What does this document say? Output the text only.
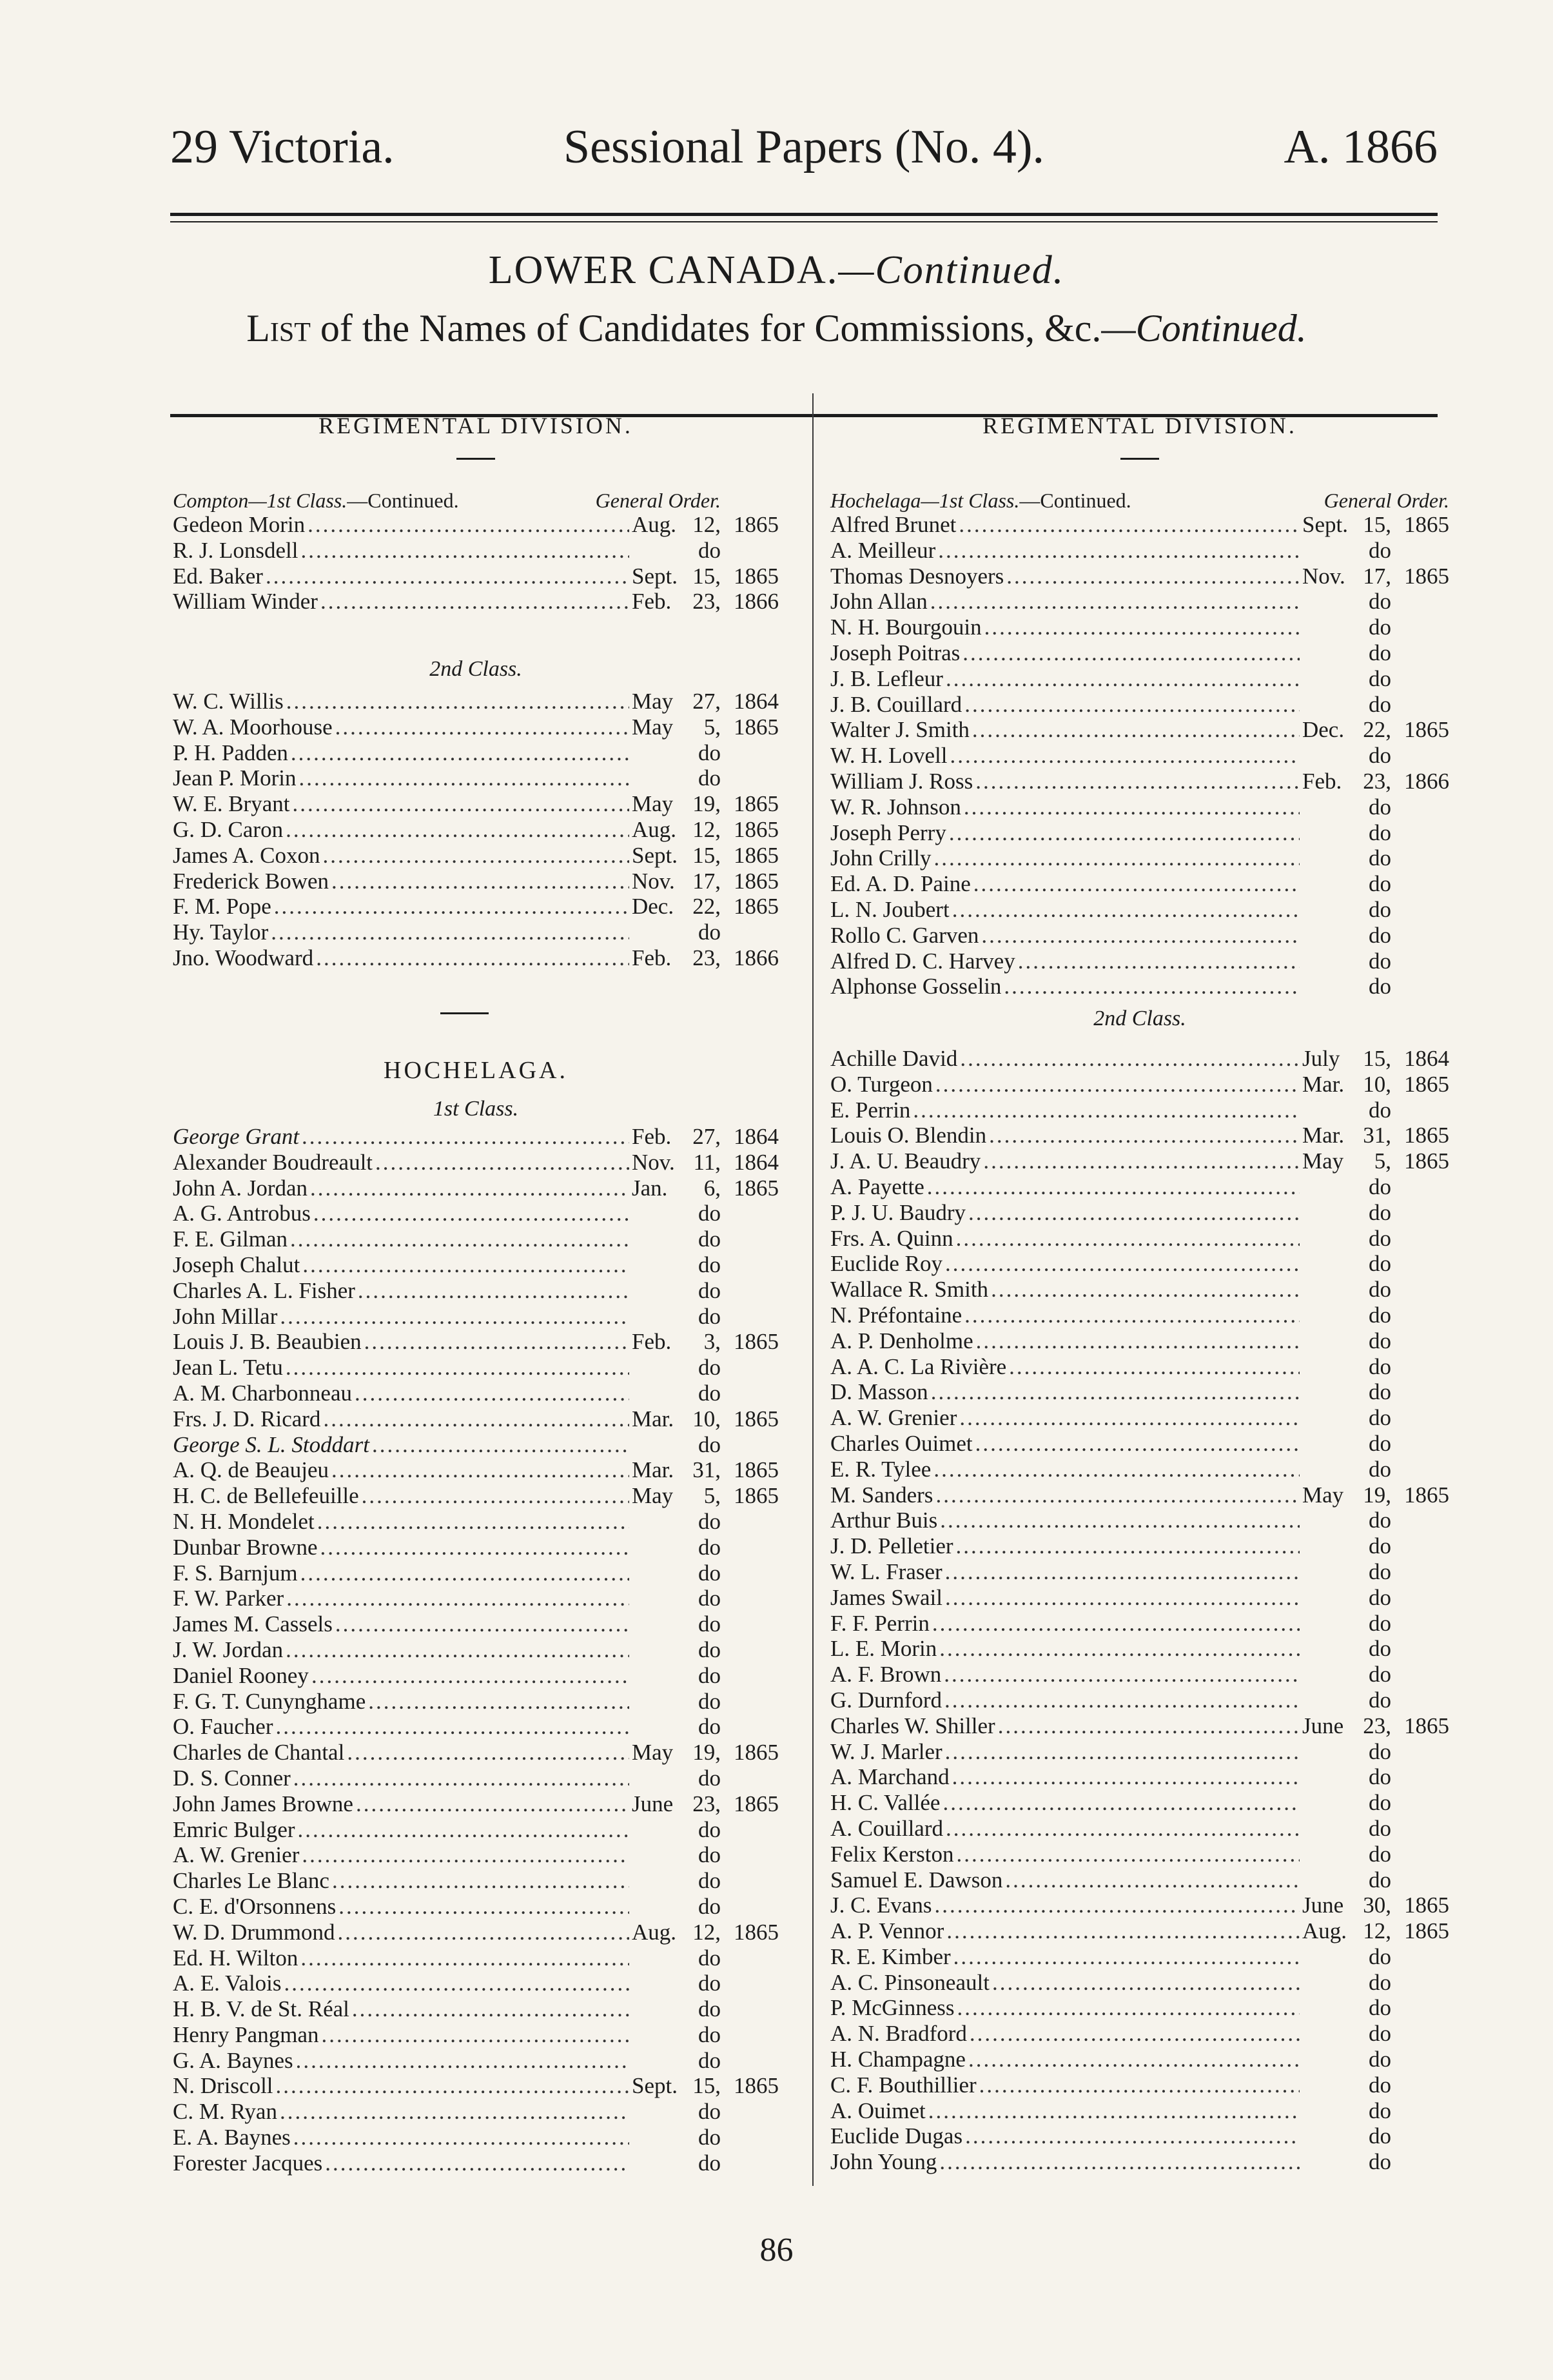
29 Victoria.	Sessional Papers (No. 4).	A. 1866
LOWER CANADA.—Continued.
List of the Names of Candidates for Commissions, &c.—Continued.
REGIMENTAL DIVISION.
Compton—1st Class.—Continued.	General Order.
Gedeon Morin .....	Aug. 12, 1865
R. J. Lonsdell .....	do
Ed. Baker .....	Sept. 15, 1865
William Winder .....	Feb. 23, 1866
2nd Class.
W. C. Willis .....	May 27, 1864
W. A. Moorhouse .....	May	5, 1865
P. H. Padden .....	do
Jean P. Morin .....	do
W. E. Bryant .....	May 19, 1865
G. D. Caron .....	Aug. 12, 1865
James A. Coxon .....	Sept. 15, 1865
Frederick Bowen .....	Nov. 17, 1865
F. M. Pope .....	Dec. 22, 1865
Hy. Taylor .....	do
Jno. Woodward .....	Feb. 23, 1866
HOCHELAGA.
1st Class.
George Grant .....	Feb. 27, 1864
Alexander Boudreault .....	Nov. 11, 1864
John A. Jordan .....	Jan.	6, 1865
A. G. Antrobus .....	do
F. E. Gilman .....	do
Joseph Chalut .....	do
Charles A. L. Fisher .....	do
John Millar .....	do
Louis J. B. Beaubien .....	Feb.	3, 1865
Jean L. Tetu .....	do
A. M. Charbonneau .....	do
Frs. J. D. Ricard .....	Mar. 10, 1865
George S. L. Stoddart .....	do
A. Q. de Beaujeu .....	Mar. 31, 1865
H. C. de Bellefeuille .....	May	5, 1865
N. H. Mondelet .....	do
Dunbar Browne .....	do
F. S. Barnjum .....	do
F. W. Parker .....	do
James M. Cassels .....	do
J. W. Jordan .....	do
Daniel Rooney .....	do
F. G. T. Cunynghame .....	do
O. Faucher .....	do
Charles de Chantal .....	May 19, 1865
D. S. Conner .....	do
John James Browne .....	June 23, 1865
Emric Bulger .....	do
A. W. Grenier .....	do
Charles Le Blanc .....	do
C. E. d'Orsonnens .....	do
W. D. Drummond .....	Aug. 12, 1865
Ed. H. Wilton .....	do
A. E. Valois .....	do
H. B. V. de St. Réal .....	do
Henry Pangman .....	do
G. A. Baynes .....	do
N. Driscoll .....	Sept. 15, 1865
C. M. Ryan .....	do
E. A. Baynes .....	do
Forester Jacques .....	do
REGIMENTAL DIVISION.
Hochelaga—1st Class.—Continued.	General Order.
Alfred Brunet .....	Sept. 15, 1865
A. Meilleur .....	do
Thomas Desnoyers .....	Nov. 17, 1865
John Allan .....	do
N. H. Bourgouin .....	do
Joseph Poitras .....	do
J. B. Lefleur .....	do
J. B. Couillard .....	do
Walter J. Smith .....	Dec. 22, 1865
W. H. Lovell .....	do
William J. Ross .....	Feb. 23, 1866
W. R. Johnson .....	do
Joseph Perry .....	do
John Crilly .....	do
Ed. A. D. Paine .....	do
L. N. Joubert .....	do
Rollo C. Garven .....	do
Alfred D. C. Harvey .....	do
Alphonse Gosselin .....	do
2nd Class.
Achille David .....	July	15, 1864
O. Turgeon .....	Mar. 10, 1865
E. Perrin .....	do
Louis O. Blendin .....	Mar. 31, 1865
J. A. U. Beaudry .....	May	5, 1865
A. Payette .....	do
P. J. U. Baudry .....	do
Frs. A. Quinn .....	do
Euclide Roy .....	do
Wallace R. Smith .....	do
N. Préfontaine .....	do
A. P. Denholme .....	do
A. A. C. La Rivière .....	do
D. Masson .....	do
A. W. Grenier .....	do
Charles Ouimet .....	do
E. R. Tylee .....	do
M. Sanders .....	May 19, 1865
Arthur Buis .....	do
J. D. Pelletier .....	do
W. L. Fraser .....	do
James Swail .....	do
F. F. Perrin .....	do
L. E. Morin .....	do
A. F. Brown .....	do
G. Durnford .....	do
Charles W. Shiller .....	June 23, 1865
W. J. Marler .....	do
A. Marchand .....	do
H. C. Vallée .....	do
A. Couillard .....	do
Felix Kerston .....	do
Samuel E. Dawson .....	do
J. C. Evans .....	June 30, 1865
A. P. Vennor .....	Aug. 12, 1865
R. E. Kimber .....	do
A. C. Pinsoneault .....	do
P. McGinness .....	do
A. N. Bradford .....	do
H. Champagne .....	do
C. F. Bouthillier .....	do
A. Ouimet .....	do
Euclide Dugas .....	do
John Young .....	do
86
